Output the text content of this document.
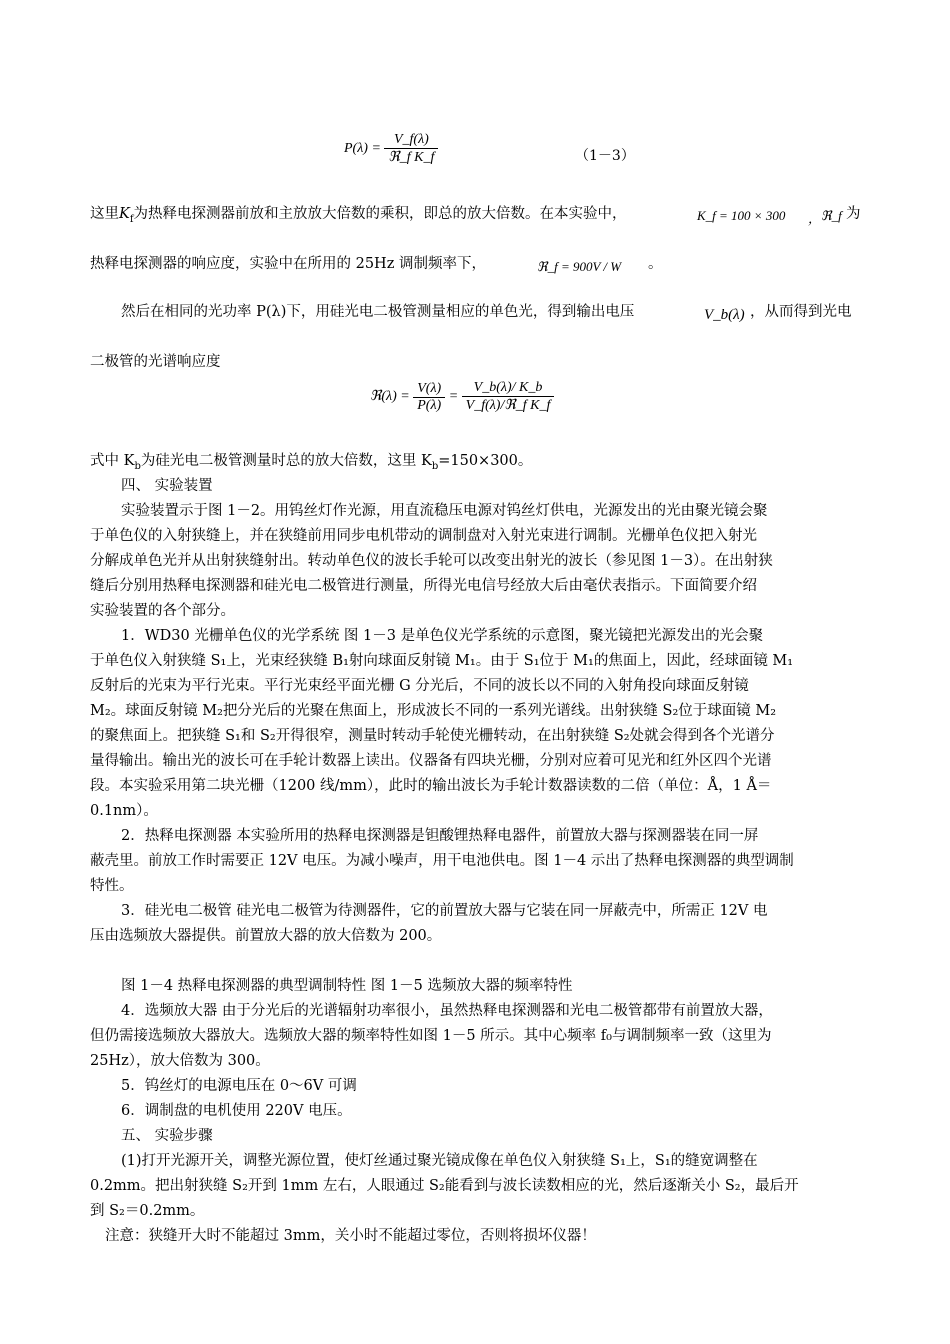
$P(\lambda) = \frac{V\_f(\lambda)}{\text{ℜ\_f K\_f}}$	（1－3）
这里$K_f$为热释电探测器前放和主放放大倍数的乘积，即总的放大倍数。在本实验中，	K_f = 100 × 300 ， ℜ_f 为
热释电探测器的响应度，实验中在所用的 25Hz 调制频率下，	ℜ_f = 900V / W 。
然后在相同的光功率 P(λ)下，用硅光电二极管测量相应的单色光，得到输出电压	V_b(λ) ，从而得到光电
二极管的光谱响应度
ℜ(λ) = $\frac{V(\lambda)}{P(\lambda)} = \frac{V\_b(\lambda)/ K\_b}{\text{V\_f(λ)/ℜ\_f K\_f}}$
式中 $K_b$为硅光电二极管测量时总的放大倍数，这里 $K_b=150\times 300$。
四、 实验装置
实验装置示于图 1－2。用钨丝灯作光源，用直流稳压电源对钨丝灯供电，光源发出的光由聚光镜会聚
于单色仪的入射狭缝上，并在狭缝前用同步电机带动的调制盘对入射光束进行调制。光栅单色仪把入射光
分解成单色光并从出射狭缝射出。转动单色仪的波长手轮可以改变出射光的波长（参见图 1－3）。在出射狭
缝后分别用热释电探测器和硅光电二极管进行测量，所得光电信号经放大后由毫伏表指示。下面简要介绍
实验装置的各个部分。
1．WD30 光栅单色仪的光学系统 图 1－3 是单色仪光学系统的示意图，聚光镜把光源发出的光会聚
于单色仪入射狭缝 S₁上，光束经狭缝 B₁射向球面反射镜 M₁。由于 S₁位于 M₁的焦面上，因此，经球面镜 M₁
反射后的光束为平行光束。平行光束经平面光栅 G 分光后，不同的波长以不同的入射角投向球面反射镜
M₂。球面反射镜 M₂把分光后的光聚在焦面上，形成波长不同的一系列光谱线。出射狭缝 S₂位于球面镜 M₂
的聚焦面上。把狭缝 S₁和 S₂开得很窄，测量时转动手轮使光栅转动，在出射狭缝 S₂处就会得到各个光谱分
量得输出。输出光的波长可在手轮计数器上读出。仪器备有四块光栅，分别对应着可见光和红外区四个光谱
段。本实验采用第二块光栅（1200 线/mm），此时的输出波长为手轮计数器读数的二倍（单位：Å，1 Å＝
0.1nm）。
2．热释电探测器 本实验所用的热释电探测器是钽酸锂热释电器件，前置放大器与探测器装在同一屏
蔽壳里。前放工作时需要正 12V 电压。为减小噪声，用干电池供电。图 1－4 示出了热释电探测器的典型调制
特性。
3．硅光电二极管 硅光电二极管为待测器件，它的前置放大器与它装在同一屏蔽壳中，所需正 12V 电
压由选频放大器提供。前置放大器的放大倍数为 200。
图 1－4 热释电探测器的典型调制特性 图 1－5 选频放大器的频率特性
4．选频放大器 由于分光后的光谱辐射功率很小，虽然热释电探测器和光电二极管都带有前置放大器，
但仍需接选频放大器放大。选频放大器的频率特性如图 1－5 所示。其中心频率 f₀与调制频率一致（这里为
25Hz），放大倍数为 300。
5．钨丝灯的电源电压在 0～6V 可调
6．调制盘的电机使用 220V 电压。
五、 实验步骤
(1)打开光源开关，调整光源位置，使灯丝通过聚光镜成像在单色仪入射狭缝 S₁上，S₁的缝宽调整在
0.2mm。把出射狭缝 S₂开到 1mm 左右，人眼通过 S₂能看到与波长读数相应的光，然后逐渐关小 S₂，最后开
到 S₂＝0.2mm。
注意：狭缝开大时不能超过 3mm，关小时不能超过零位，否则将损坏仪器！
